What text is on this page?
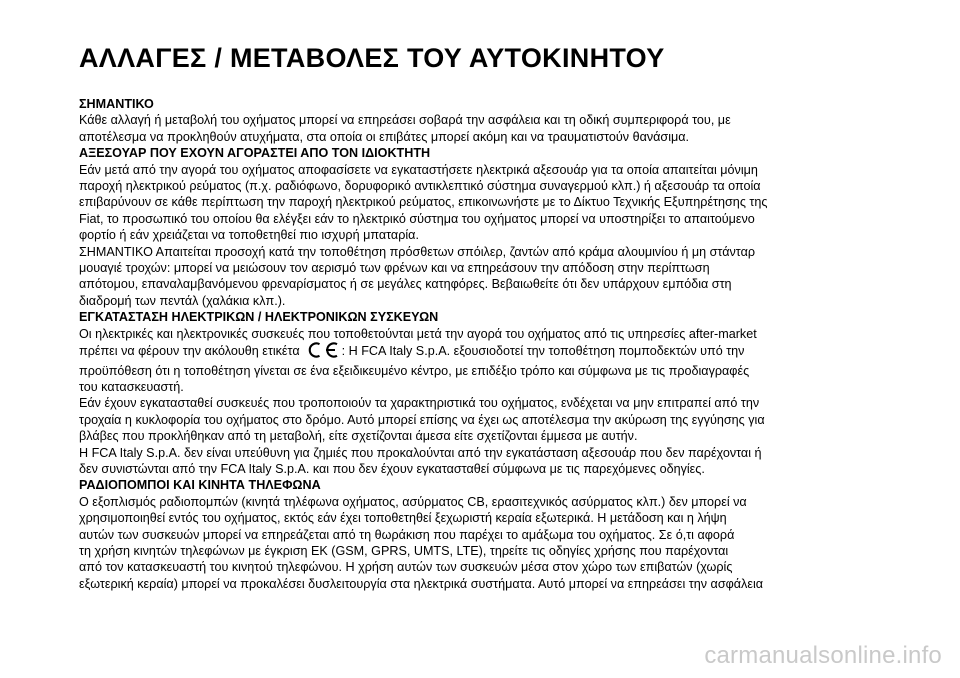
ΑΛΛΑΓΕΣ / ΜΕΤΑΒΟΛΕΣ ΤΟΥ ΑΥΤΟΚΙΝΗΤΟΥ

ΣΗΜΑΝΤΙΚΟ

Κάθε αλλαγή ή μεταβολή του οχήματος μπορεί να επηρεάσει σοβαρά την ασφάλεια και τη οδική συμπεριφορά του, με

αποτέλεσμα να προκληθούν ατυχήματα, στα οποία οι επιβάτες μπορεί ακόμη και να τραυματιστούν θανάσιμα.

ΑΞΕΣΟΥΑΡ ΠΟΥ ΕΧΟΥΝ ΑΓΟΡΑΣΤΕΙ ΑΠΟ ΤΟΝ ΙΔΙΟΚΤΗΤΗ

Εάν μετά από την αγορά του οχήματος αποφασίσετε να εγκαταστήσετε ηλεκτρικά αξεσουάρ για τα οποία απαιτείται μόνιμη

παροχή ηλεκτρικού ρεύματος (π.χ. ραδιόφωνο, δορυφορικό αντικλεπτικό σύστημα συναγερμού κλπ.) ή αξεσουάρ τα οποία

επιβαρύνουν σε κάθε περίπτωση την παροχή ηλεκτρικού ρεύματος, επικοινωνήστε με το Δίκτυο Τεχνικής Εξυπηρέτησης της

Fiat, το προσωπικό του οποίου θα ελέγξει εάν το ηλεκτρικό σύστημα του οχήματος μπορεί να υποστηρίξει το απαιτούμενο

φορτίο ή εάν χρειάζεται να τοποθετηθεί πιο ισχυρή μπαταρία.

ΣΗΜΑΝΤΙΚΟ Απαιτείται προσοχή κατά την τοποθέτηση πρόσθετων σπόιλερ, ζαντών από κράμα αλουμινίου ή μη στάνταρ

μουαγιέ τροχών: μπορεί να μειώσουν τον αερισμό των φρένων και να επηρεάσουν την απόδοση στην περίπτωση

απότομου, επαναλαμβανόμενου φρεναρίσματος ή σε μεγάλες κατηφόρες. Βεβαιωθείτε ότι δεν υπάρχουν εμπόδια στη

διαδρομή των πεντάλ (χαλάκια κλπ.).

ΕΓΚΑΤΑΣΤΑΣΗ ΗΛΕΚΤΡΙΚΩΝ / ΗΛΕΚΤΡΟΝΙΚΩΝ ΣΥΣΚΕΥΩΝ

Οι ηλεκτρικές και ηλεκτρονικές συσκευές που τοποθετούνται μετά την αγορά του οχήματος από τις υπηρεσίες after-market

πρέπει να φέρουν την ακόλουθη ετικέτα	: H FCA Italy S.p.A. εξουσιοδοτεί την τοποθέτηση πομποδεκτών υπό την

προϋπόθεση ότι η τοποθέτηση γίνεται σε ένα εξειδικευμένο κέντρο, με επιδέξιο τρόπο και σύμφωνα με τις προδιαγραφές

του κατασκευαστή.

Εάν έχουν εγκατασταθεί συσκευές που τροποποιούν τα χαρακτηριστικά του οχήματος, ενδέχεται να μην επιτραπεί από την

τροχαία η κυκλοφορία του οχήματος στο δρόμο. Αυτό μπορεί επίσης να έχει ως αποτέλεσμα την ακύρωση της εγγύησης για

βλάβες που προκλήθηκαν από τη μεταβολή, είτε σχετίζονται άμεσα είτε σχετίζονται έμμεσα με αυτήν.

H FCA Italy S.p.A. δεν είναι υπεύθυνη για ζημιές που προκαλούνται από την εγκατάσταση αξεσουάρ που δεν παρέχονται ή

δεν συνιστώνται από την FCA Italy S.p.A. και που δεν έχουν εγκατασταθεί σύμφωνα με τις παρεχόμενες οδηγίες.

ΡΑΔΙΟΠΟΜΠΟΙ ΚΑΙ ΚΙΝΗΤΑ ΤΗΛΕΦΩΝΑ

Ο εξοπλισμός ραδιοπομπών (κινητά τηλέφωνα οχήματος, ασύρματος CB, ερασιτεχνικός ασύρματος κλπ.) δεν μπορεί να

χρησιμοποιηθεί εντός του οχήματος, εκτός εάν έχει τοποθετηθεί ξεχωριστή κεραία εξωτερικά. Η μετάδοση και η λήψη

αυτών των συσκευών μπορεί να επηρεάζεται από τη θωράκιση που παρέχει το αμάξωμα του οχήματος. Σε ό,τι αφορά

τη χρήση κινητών τηλεφώνων με έγκριση ΕΚ (GSM, GPRS, UMTS, LTE), τηρείτε τις οδηγίες χρήσης που παρέχονται

από τον κατασκευαστή του κινητού τηλεφώνου. Η χρήση αυτών των συσκευών μέσα στον χώρο των επιβατών (χωρίς

εξωτερική κεραία) μπορεί να προκαλέσει δυσλειτουργία στα ηλεκτρικά συστήματα. Αυτό μπορεί να επηρεάσει την ασφάλεια

carmanualsonline.info
